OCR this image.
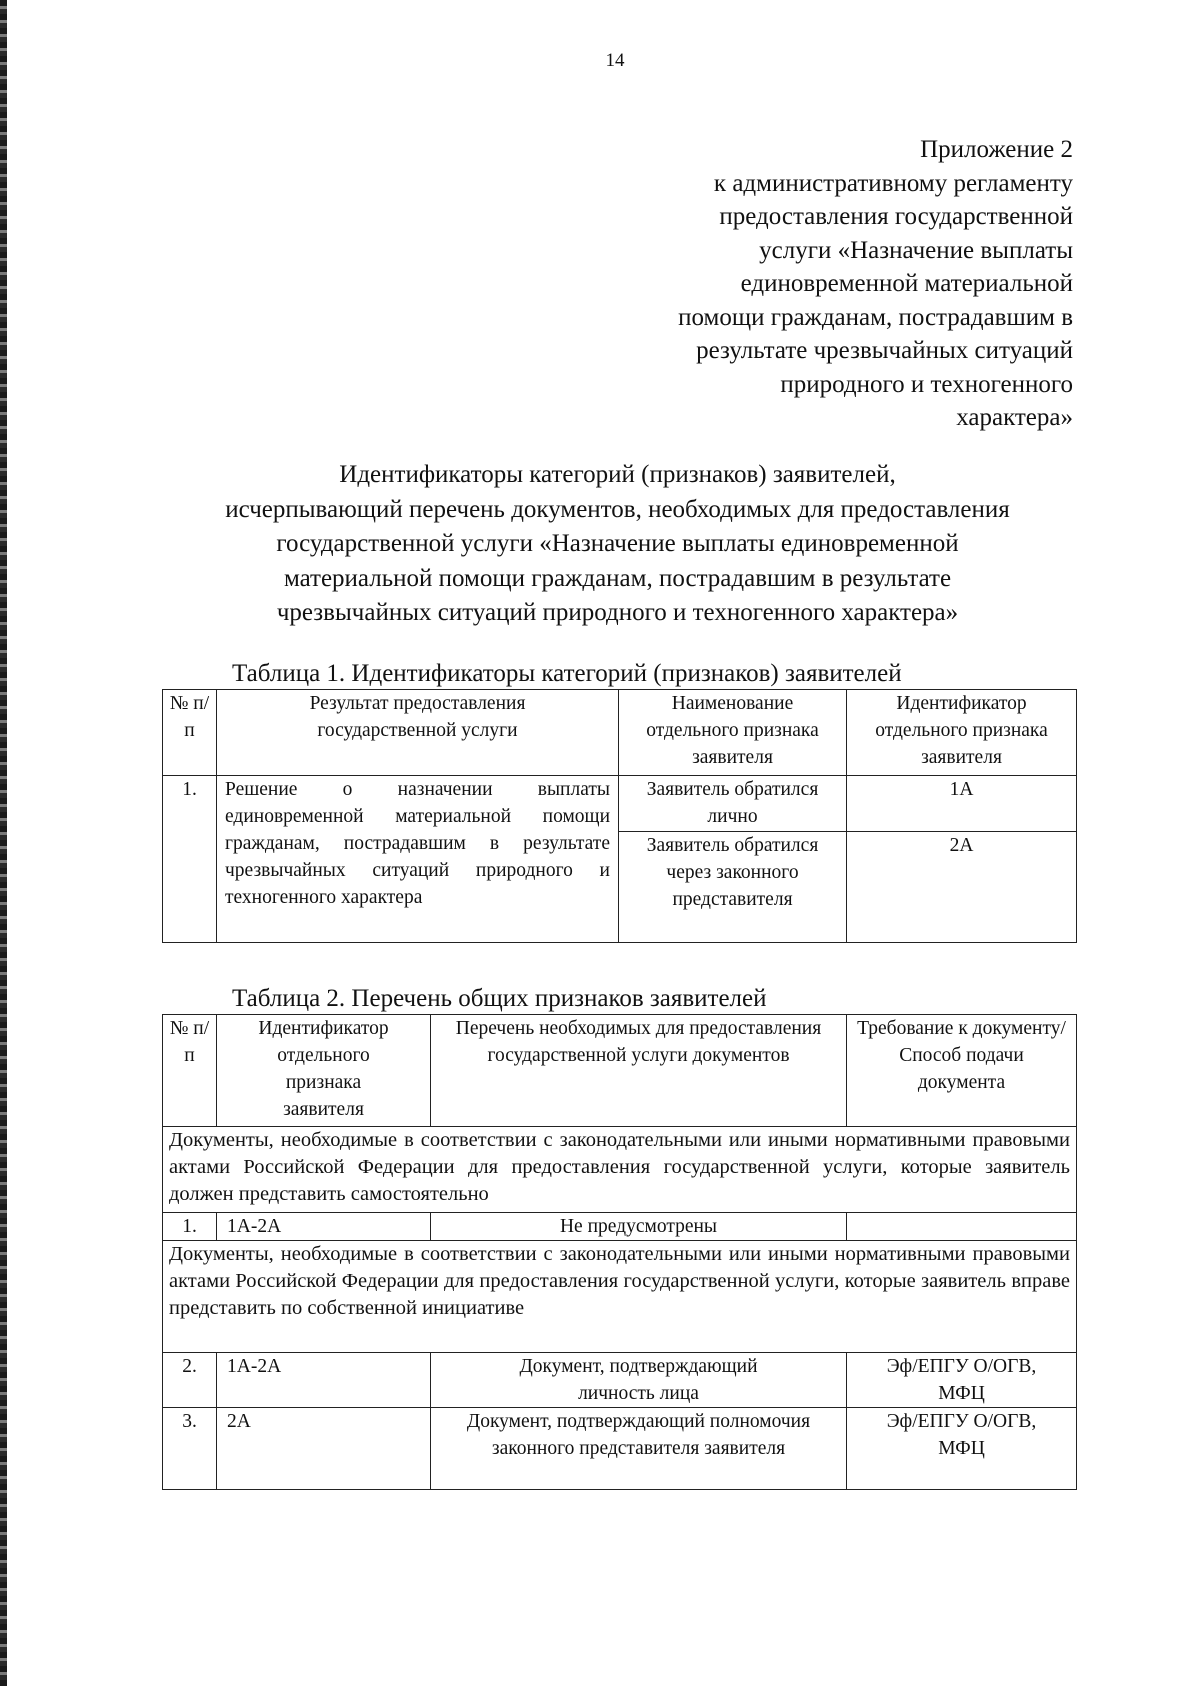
14
Приложение 2
к административному регламенту
предоставления государственной
услуги «Назначение выплаты
единовременной материальной
помощи гражданам, пострадавшим в
результате чрезвычайных ситуаций
природного и техногенного
характера»
Идентификаторы категорий (признаков) заявителей,
исчерпывающий перечень документов, необходимых для предоставления
государственной услуги «Назначение выплаты единовременной
материальной помощи гражданам, пострадавшим в результате
чрезвычайных ситуаций природного и техногенного характера»
Таблица 1. Идентификаторы категорий (признаков) заявителей
№ п/п	Результат предоставления государственной услуги	Наименование отдельного признака заявителя	Идентификатор отдельного признака заявителя
1.	Решение о назначении выплаты единовременной материальной помощи гражданам, пострадавшим в результате чрезвычайных ситуаций природного и техногенного характера	Заявитель обратился лично	1А
		Заявитель обратился через законного представителя	2А
Таблица 2. Перечень общих признаков заявителей
№ п/п	Идентификатор отдельного признака заявителя	Перечень необходимых для предоставления государственной услуги документов	Требование к документу/Способ подачи документа
Документы, необходимые в соответствии с законодательными или иными нормативными правовыми актами Российской Федерации для предоставления государственной услуги, которые заявитель должен представить самостоятельно			
1.	1А-2А	Не предусмотрены	
Документы, необходимые в соответствии с законодательными или иными нормативными правовыми актами Российской Федерации для предоставления государственной услуги, которые заявитель вправе представить по собственной инициативе			
2.	1А-2А	Документ, подтверждающий личность лица	Эф/ЕПГУ О/ОГВ, МФЦ
3.	2А	Документ, подтверждающий полномочия законного представителя заявителя	Эф/ЕПГУ О/ОГВ, МФЦ
